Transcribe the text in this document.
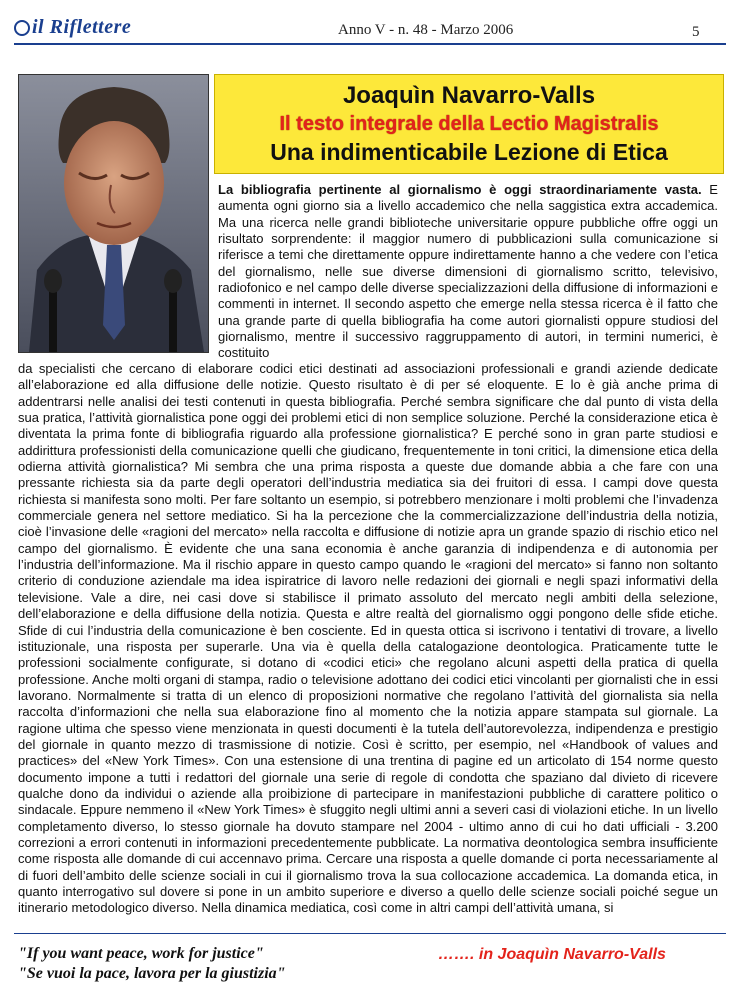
il Riflettere	Anno V - n. 48 - Marzo 2006	5
Joaquìn Navarro-Valls
Il testo integrale della Lectio Magistralis
Una indimenticabile Lezione di Etica
La bibliografia pertinente al giornalismo è oggi straordinariamente vasta. E aumenta ogni giorno sia a livello accademico che nella saggistica extra accademica. Ma una ricerca nelle grandi biblioteche universitarie oppure pubbliche offre oggi un risultato sorprendente: il maggior numero di pubblicazioni sulla comunicazione si riferisce a temi che direttamente oppure indirettamente hanno a che vedere con l’etica del giornalismo, nelle sue diverse dimensioni di giornalismo scritto, televisivo, radiofonico e nel campo delle diverse specializzazioni della diffusione di informazioni e commenti in internet. Il secondo aspetto che emerge nella stessa ricerca è il fatto che una grande parte di quella bibliografia ha come autori giornalisti oppure studiosi del giornalismo, mentre il successivo raggruppamento di autori, in termini numerici, è costituito
da specialisti che cercano di elaborare codici etici destinati ad associazioni professionali e grandi aziende dedicate all’elaborazione ed alla diffusione delle notizie. Questo risultato è di per sé eloquente. E lo è già anche prima di addentrarsi nelle analisi dei testi contenuti in questa bibliografia. Perché sembra significare che dal punto di vista della sua pratica, l’attività giornalistica pone oggi dei problemi etici di non semplice soluzione. Perché la considerazione etica è diventata la prima fonte di bibliografia riguardo alla professione giornalistica? E perché sono in gran parte studiosi e addirittura professionisti della comunicazione quelli che giudicano, frequentemente in toni critici, la dimensione etica della odierna attività giornalistica? Mi sembra che una prima risposta a queste due domande abbia a che fare con una pressante richiesta sia da parte degli operatori dell’industria mediatica sia dei fruitori di essa. I campi dove questa richiesta si manifesta sono molti. Per fare soltanto un esempio, si potrebbero menzionare i molti problemi che l’invadenza commerciale genera nel settore mediatico. Si ha la percezione che la commercializzazione dell’industria della notizia, cioè l’invasione delle «ragioni del mercato» nella raccolta e diffusione di notizie apra un grande spazio di rischio etico nel campo del giornalismo. È evidente che una sana economia è anche garanzia di indipendenza e di autonomia per l’industria dell’informazione. Ma il rischio appare in questo campo quando le «ragioni del mercato» si fanno non soltanto criterio di conduzione aziendale ma idea ispiratrice di lavoro nelle redazioni dei giornali e negli spazi informativi della televisione. Vale a dire, nei casi dove si stabilisce il primato assoluto del mercato negli ambiti della selezione, dell’elaborazione e della diffusione della notizia. Questa e altre realtà del giornalismo oggi pongono delle sfide etiche. Sfide di cui l’industria della comunicazione è ben cosciente. Ed in questa ottica si iscrivono i tentativi di trovare, a livello istituzionale, una risposta per superarle. Una via è quella della catalogazione deontologica. Praticamente tutte le professioni socialmente configurate, si dotano di «codici etici» che regolano alcuni aspetti della pratica di quella professione. Anche molti organi di stampa, radio o televisione adottano dei codici etici vincolanti per giornalisti che in essi lavorano. Normalmente si tratta di un elenco di proposizioni normative che regolano l’attività del giornalista sia nella raccolta d’informazioni che nella sua elaborazione fino al momento che la notizia appare stampata sul giornale. La ragione ultima che spesso viene menzionata in questi documenti è la tutela dell’autorevolezza, indipendenza e prestigio del giornale in quanto mezzo di trasmissione di notizie. Così è scritto, per esempio, nel «Handbook of values and practices» del «New York Times». Con una estensione di una trentina di pagine ed un articolato di 154 norme questo documento impone a tutti i redattori del giornale una serie di regole di condotta che spaziano dal divieto di ricevere qualche dono da individui o aziende alla proibizione di partecipare in manifestazioni pubbliche di carattere politico o sindacale. Eppure nemmeno il «New York Times» è sfuggito negli ultimi anni a severi casi di violazioni etiche. In un livello completamento diverso, lo stesso giornale ha dovuto stampare nel 2004 - ultimo anno di cui ho dati ufficiali - 3.200 correzioni a errori contenuti in informazioni precedentemente pubblicate. La normativa deontologica sembra insufficiente come risposta alle domande di cui accennavo prima. Cercare una risposta a quelle domande ci porta necessariamente al di fuori dell’ambito delle scienze sociali in cui il giornalismo trova la sua collocazione accademica. La domanda etica, in quanto interrogativo sul dovere si pone in un ambito superiore e diverso a quello delle scienze sociali poiché segue un itinerario metodologico diverso. Nella dinamica mediatica, così come in altri campi dell’attività umana, si
"If you want peace, work for justice"
"Se vuoi la pace, lavora per la giustizia"
……. in Joaquìn Navarro-Valls
